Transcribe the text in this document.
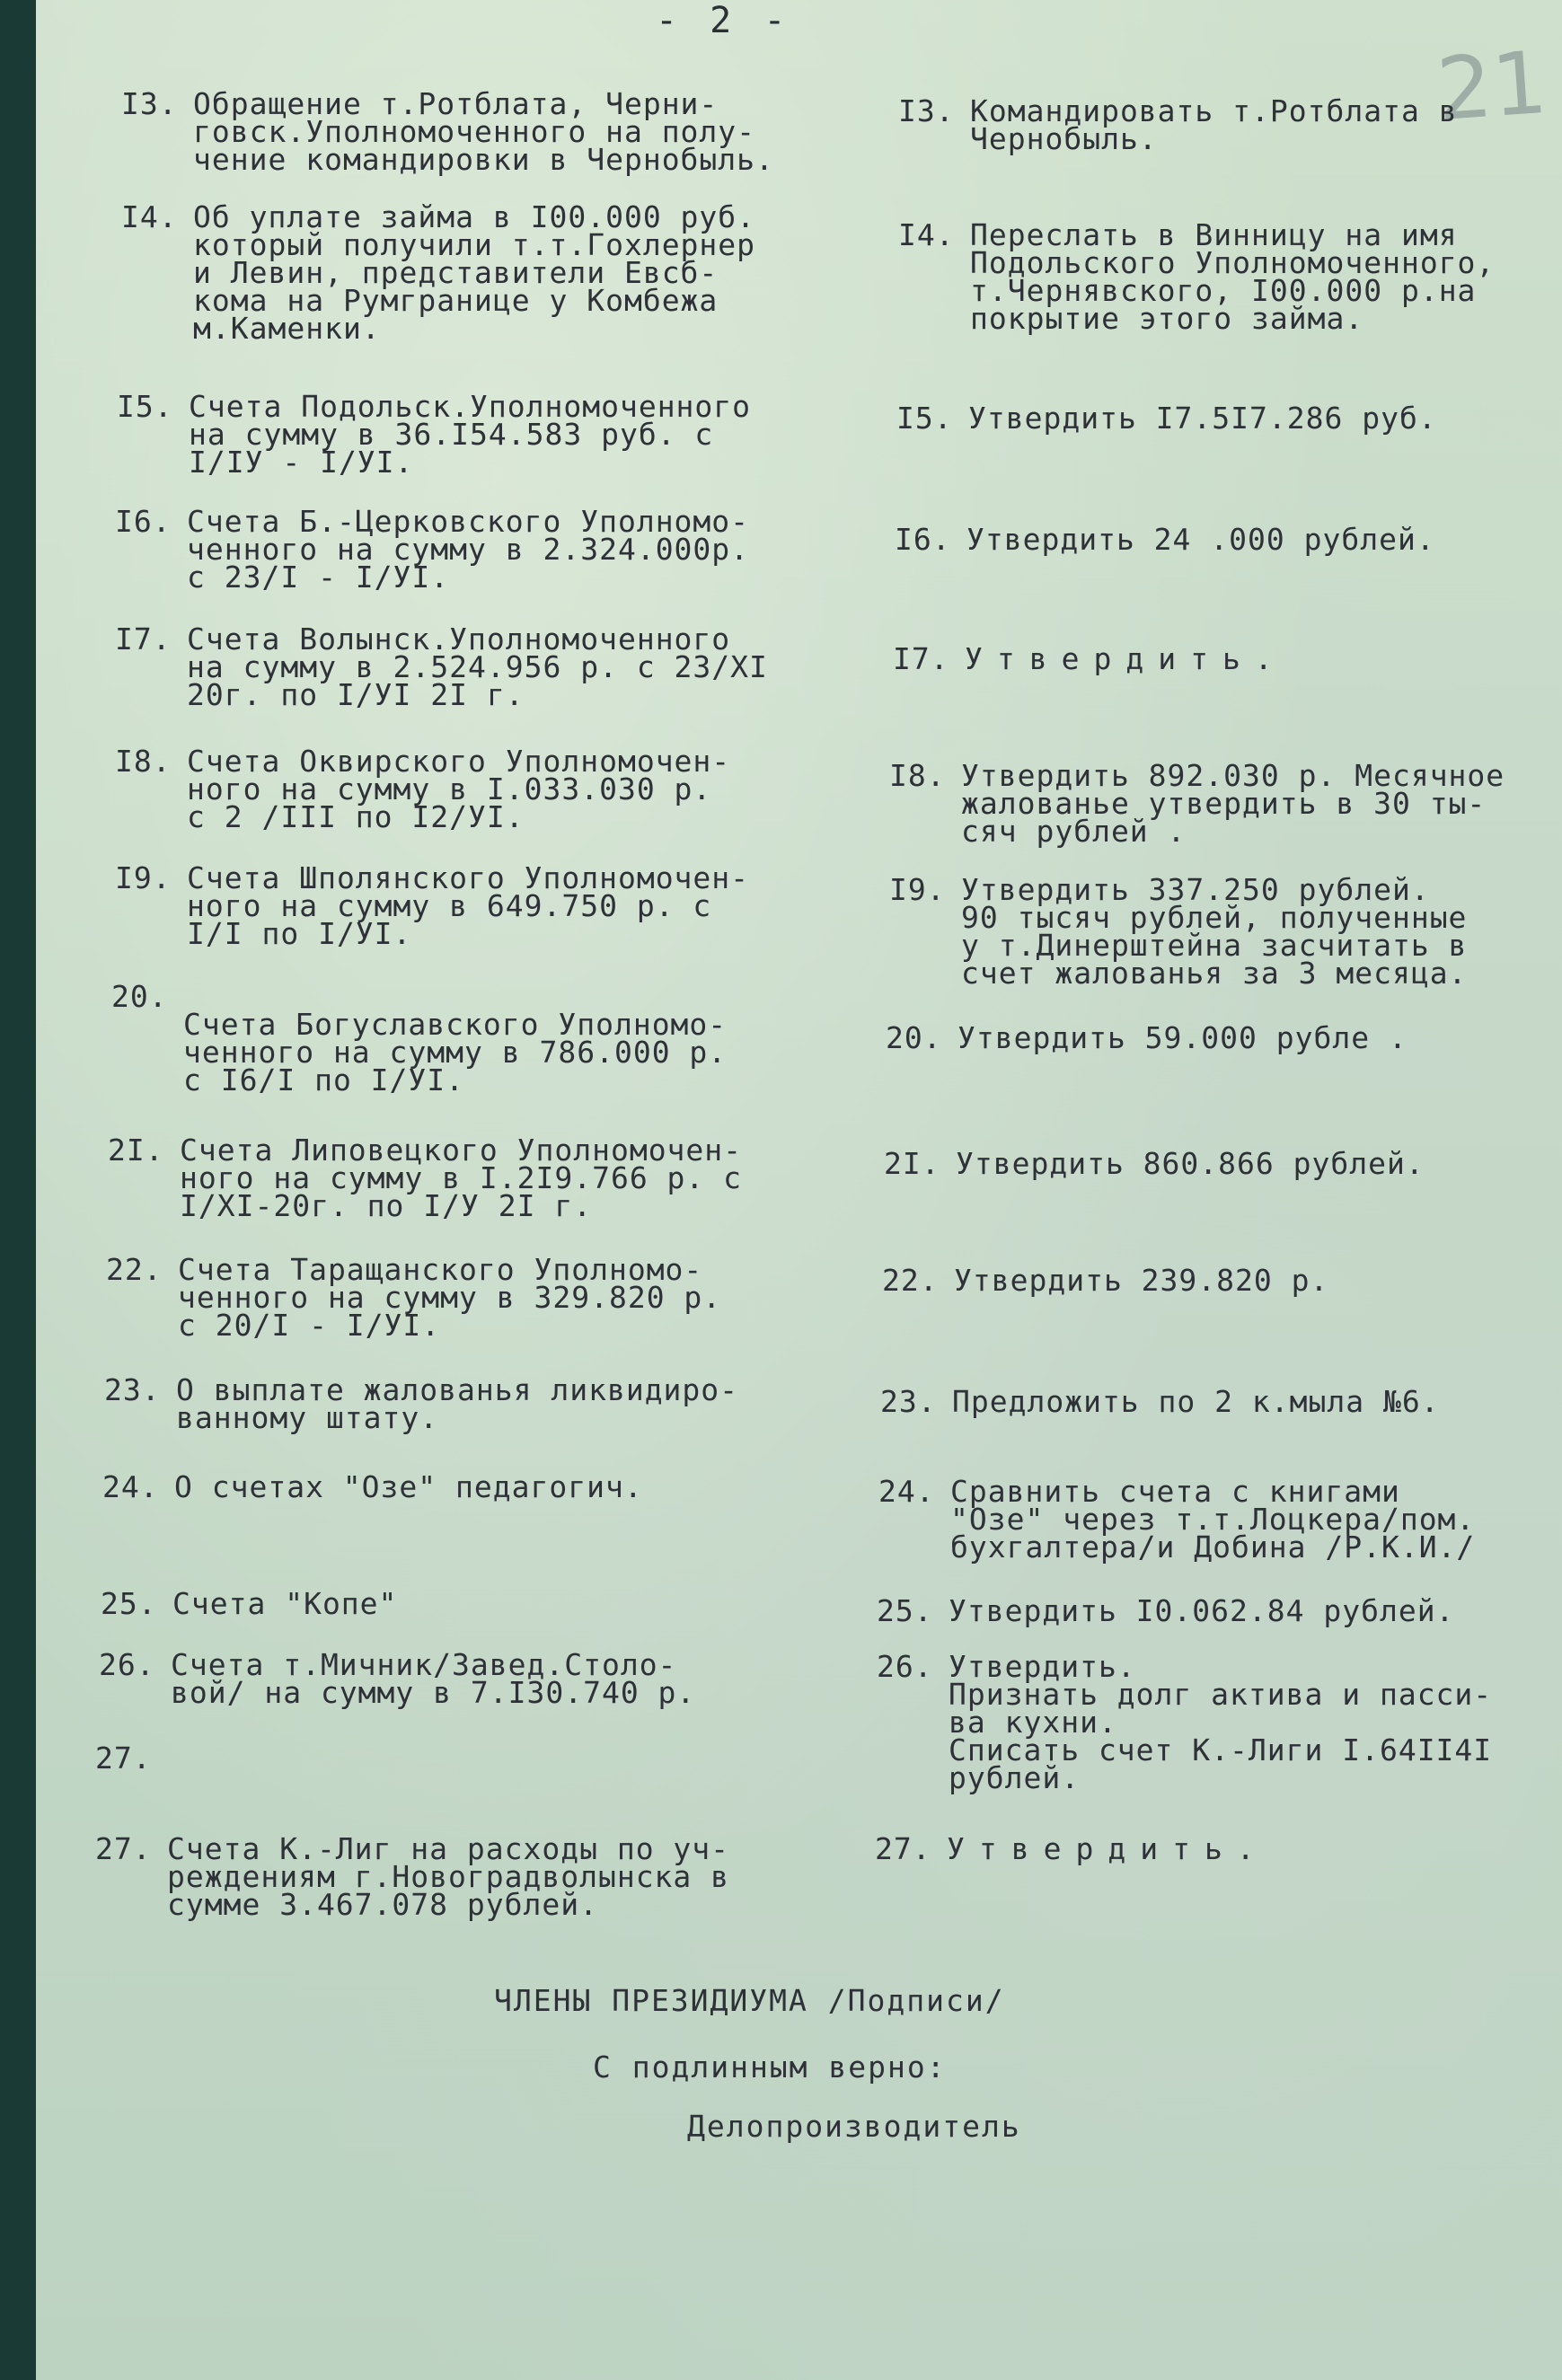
- 2 -
21
I3. Обращение т.Ротблата, Черни-
говск.Уполномоченного на полу-
чение командировки в Чернобыль.
I4. Об уплате займа в I00.000 руб.
который получили т.т.Гохлернер
и Левин, представители Евсб-
кома на Румгранице у Комбежа
м.Каменки.
I5. Счета Подольск.Уполномоченного
на сумму в 36.I54.583 руб. с
I/IУ - I/УI.
I6. Счета Б.-Церковского Уполномо-
ченного на сумму в 2.324.000р.
с 23/I - I/УI.
I7. Счета Волынск.Уполномоченного
на сумму в 2.524.956 р. с 23/XI
20г. по I/УI 2I г.
I8. Счета Оквирского Уполномочен-
ного на сумму в I.033.030 р.
с 2 /III по I2/УI.
I9. Счета Шполянского Уполномочен-
ного на сумму в 649.750 р. с
I/I по I/УI.
20.

Счета Богуславского Уполномо-
ченного на сумму в 786.000 р.
с I6/I по I/УI.
2I. Счета Липовецкого Уполномочен-
ного на сумму в I.2I9.766 р. с
I/XI-20г. по I/У 2I г.
22. Счета Таращанского Уполномо-
ченного на сумму в 329.820 р.
с 20/I - I/УI.
23. О выплате жалованья ликвидиро-
ванному штату.
24. О счетах "Озе" педагогич.
25. Счета "Копе"
26. Счета т.Мичник/Завед.Столо-
вой/ на сумму в 7.I30.740 р.
27.
27. Счета К.-Лиг на расходы по уч-
реждениям г.Новоградволынска в
сумме 3.467.078 рублей.
I3. Командировать т.Ротблата в
Чернобыль.
I4. Переслать в Винницу на имя
Подольского Уполномоченного,
т.Чернявского, I00.000 р.на
покрытие этого займа.
I5. Утвердить I7.5I7.286 руб.
I6. Утвердить 24 .000 рублей.
I7. Утвердить.
I8. Утвердить 892.030 р. Месячное
жалованье утвердить в 30 ты-
сяч рублей .
I9. Утвердить 337.250 рублей.
90 тысяч рублей, полученные
у т.Динерштейна засчитать в
счет жалованья за 3 месяца.
20. Утвердить 59.000 рубле .
2I. Утвердить 860.866 рублей.
22. Утвердить 239.820 р.
23. Предложить по 2 к.мыла №6.
24. Сравнить счета с книгами
"Озе" через т.т.Лоцкера/пом.
бухгалтера/и Добина /Р.К.И./
25. Утвердить I0.062.84 рублей.
26. Утвердить.
Признать долг актива и пасси-
ва кухни.
Списать счет К.-Лиги I.64II4I
рублей.
27. Утвердить.
ЧЛЕНЫ ПРЕЗИДИУМА /Подписи/
С подлинным верно:
Делопроизводитель
